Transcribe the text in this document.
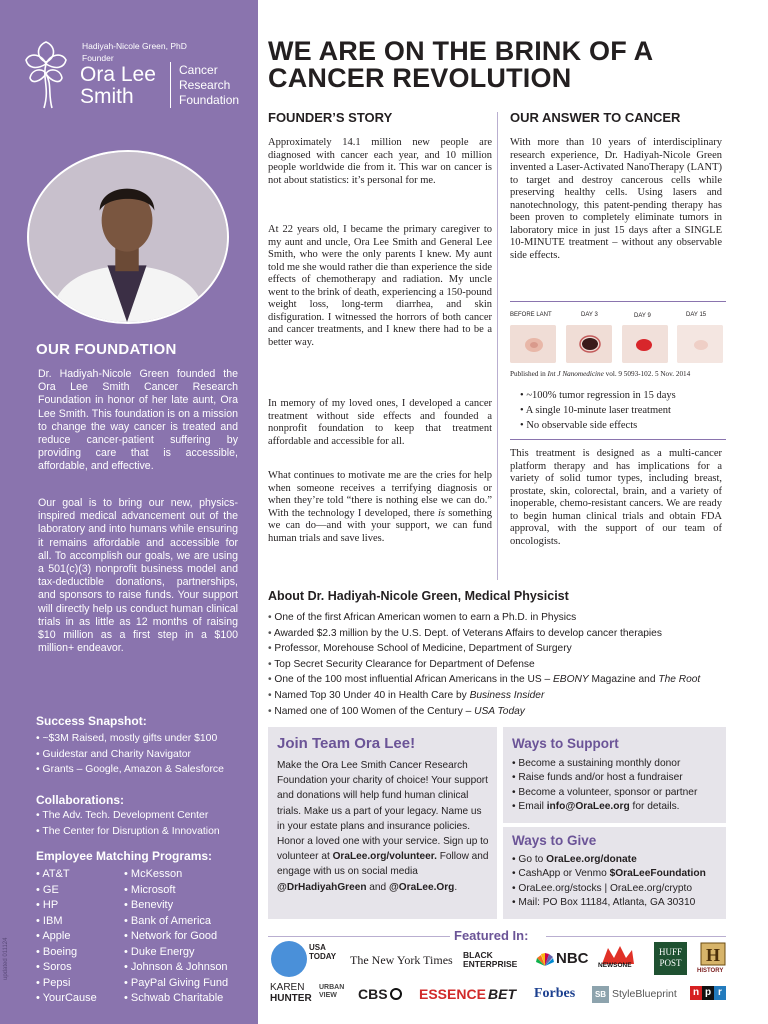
Hadiyah-Nicole Green, PhD
Founder
Ora Lee
Smith
Cancer
Research
Foundation
OUR FOUNDATION

Dr. Hadiyah-Nicole Green founded the Ora Lee Smith Cancer Research Foundation in honor of her late aunt, Ora Lee Smith. This foundation is on a mission to change the way cancer is treated and reduce cancer-patient suffering by providing care that is accessible, affordable, and effective.

Our goal is to bring our new, physics-inspired medical advancement out of the laboratory and into humans while ensuring it remains affordable and accessible for all. To accomplish our goals, we are using a 501(c)(3) nonprofit business model and tax-deductible donations, partnerships, and sponsors to raise funds. Your support will directly help us conduct human clinical trials in as little as 12 months of raising $10 million as a first step in a $100 million+ endeavor.

Success Snapshot:
• ~$3M Raised, mostly gifts under $100
• Guidestar and Charity Navigator
• Grants – Google, Amazon & Salesforce
Collaborations:
• The Adv. Tech. Development Center
• The Center for Disruption & Innovation
Employee Matching Programs:
• AT&T
• GE
• HP
• IBM
• Apple
• Boeing
• Soros
• Pepsi
• YourCause
• McKesson
• Microsoft
• Benevity
• Bank of America
• Network for Good
• Duke Energy
• Johnson & Johnson
• PayPal Giving Fund
• Schwab Charitable
updated 011124
WE ARE ON THE BRINK OF A
CANCER REVOLUTION
FOUNDER’S STORY

Approximately 14.1 million new people are diagnosed with cancer each year, and 10 million people worldwide die from it. This war on cancer is not about statistics: it’s personal for me.

At 22 years old, I became the primary caregiver to my aunt and uncle, Ora Lee Smith and General Lee Smith, who were the only parents I knew. My aunt told me she would rather die than experience the side effects of chemotherapy and radiation. My uncle went to the brink of death, experiencing a 150-pound weight loss, long-term diarrhea, and skin disfiguration. I witnessed the horrors of both cancer and cancer treatments, and I knew there had to be a better way.

In memory of my loved ones, I developed a cancer treatment without side effects and founded a nonprofit foundation to keep that treatment affordable and accessible for all.

What continues to motivate me are the cries for help when someone receives a terrifying diagnosis or when they’re told “there is nothing else we can do.” With the technology I developed, there is something we can do—and with your support, we can fund human trials and save lives.

OUR ANSWER TO CANCER

With more than 10 years of interdisciplinary research experience, Dr. Hadiyah-Nicole Green invented a Laser-Activated NanoTherapy (LANT) to target and destroy cancerous cells while preserving healthy cells. Using lasers and nanotechnology, this patent-pending therapy has been proven to completely eliminate tumors in laboratory mice in just 15 days after a SINGLE 10-MINUTE treatment – without any observable side effects.

BEFORE LANT	DAY 3	DAY 9	DAY 15
Published in Int J Nanomedicine vol. 9 5093-102. 5 Nov. 2014
• ~100% tumor regression in 15 days
• A single 10-minute laser treatment
• No observable side effects

This treatment is designed as a multi-cancer platform therapy and has implications for a variety of solid tumor types, including breast, prostate, skin, colorectal, brain, and a variety of inoperable, chemo-resistant cancers. We are ready to begin human clinical trials and obtain FDA approval, with the support of our team of oncologists.

About Dr. Hadiyah-Nicole Green, Medical Physicist
• One of the first African American women to earn a Ph.D. in Physics
• Awarded $2.3 million by the U.S. Dept. of Veterans Affairs to develop cancer therapies
• Professor, Morehouse School of Medicine, Department of Surgery
• Top Secret Security Clearance for Department of Defense
• One of the 100 most influential African Americans in the US – EBONY Magazine and The Root
• Named Top 30 Under 40 in Health Care by Business Insider
• Named one of 100 Women of the Century – USA Today
Join Team Ora Lee!

Make the Ora Lee Smith Cancer Research Foundation your charity of choice! Your support and donations will help fund human clinical trials. Make us a part of your legacy. Name us in your estate plans and insurance policies. Honor a loved one with your service. Sign up to volunteer at OraLee.org/volunteer. Follow and engage with us on social media @DrHadiyahGreen and @OraLee.Org.

Ways to Support
• Become a sustaining monthly donor
• Raise funds and/or host a fundraiser
• Become a volunteer, sponsor or partner
• Email info@OraLee.org for details.
Ways to Give
• Go to OraLee.org/donate
• CashApp or Venmo $OraLeeFoundation
• OraLee.org/stocks | OraLee.org/crypto
• Mail: PO Box 11184, Atlanta, GA 30310
Featured In:
USA
TODAY The New York Times BLACK
ENTERPRISE	NBC NEWSONE
HUFF
POST	H
HISTORY
KAREN
HUNTER
URBAN
VIEW	CBS	ESSENCE BET Forbes	SB StyleBlueprint n p r
